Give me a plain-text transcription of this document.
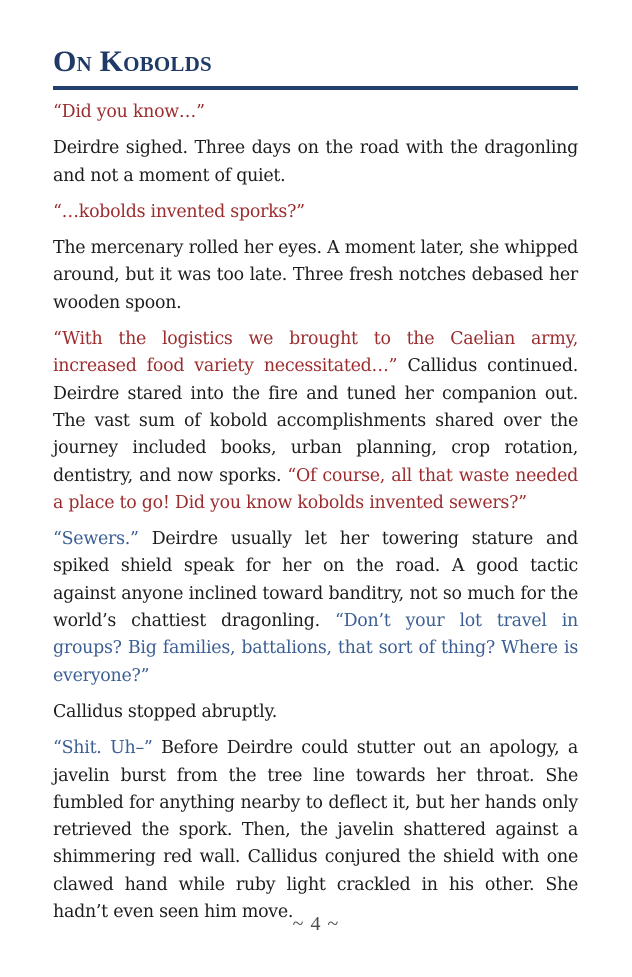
On Kobolds

“Did you know…”

Deirdre sighed. Three days on the road with the dragonling and not a moment of quiet.

“…kobolds invented sporks?”

The mercenary rolled her eyes. A moment later, she whipped around, but it was too late. Three fresh notches debased her wooden spoon.

“With the logistics we brought to the Caelian army, increased food variety necessitated…” Callidus continued. Deirdre stared into the fire and tuned her companion out. The vast sum of kobold accomplishments shared over the journey included books, urban planning, crop rotation, dentistry, and now sporks. “Of course, all that waste needed a place to go! Did you know kobolds invented sewers?”

“Sewers.” Deirdre usually let her towering stature and spiked shield speak for her on the road. A good tactic against anyone inclined toward banditry, not so much for the world’s chattiest dragonling. “Don’t your lot travel in groups? Big families, battalions, that sort of thing? Where is everyone?”

Callidus stopped abruptly.

“Shit. Uh–” Before Deirdre could stutter out an apology, a javelin burst from the tree line towards her throat. She fumbled for anything nearby to deflect it, but her hands only retrieved the spork. Then, the javelin shattered against a shimmering red wall. Callidus conjured the shield with one clawed hand while ruby light crackled in his other. She hadn’t even seen him move.

~ 4 ~
